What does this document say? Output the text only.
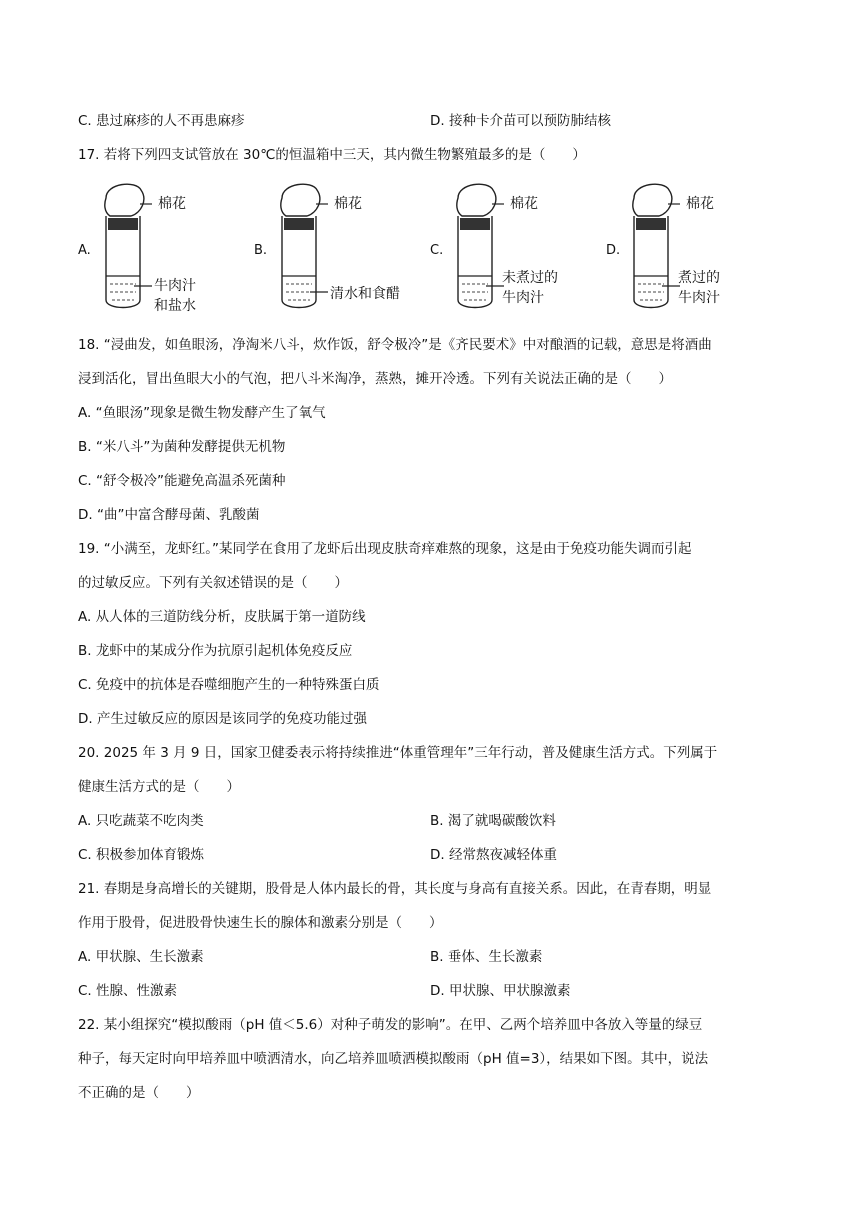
C. 患过麻疹的人不再患麻疹	D. 接种卡介苗可以预防肺结核
17. 若将下列四支试管放在 30℃的恒温箱中三天，其内微生物繁殖最多的是（　　）
A.
棉花
牛肉汁
和盐水
B.
棉花
清水和食醋
C.
棉花
未煮过的
牛肉汁
D.
棉花
煮过的
牛肉汁
18. “浸曲发，如鱼眼汤，净淘米八斗，炊作饭，舒令极冷”是《齐民要术》中对酿酒的记载，意思是将酒曲
浸到活化，冒出鱼眼大小的气泡，把八斗米淘净，蒸熟，摊开冷透。下列有关说法正确的是（　　）
A. “鱼眼汤”现象是微生物发酵产生了氧气
B. “米八斗”为菌种发酵提供无机物
C. “舒令极冷”能避免高温杀死菌种
D. “曲”中富含酵母菌、乳酸菌
19. “小满至，龙虾红。”某同学在食用了龙虾后出现皮肤奇痒难熬的现象，这是由于免疫功能失调而引起
的过敏反应。下列有关叙述错误的是（　　）
A. 从人体的三道防线分析，皮肤属于第一道防线
B. 龙虾中的某成分作为抗原引起机体免疫反应
C. 免疫中的抗体是吞噬细胞产生的一种特殊蛋白质
D. 产生过敏反应的原因是该同学的免疫功能过强
20. 2025 年 3 月 9 日，国家卫健委表示将持续推进“体重管理年”三年行动，普及健康生活方式。下列属于
健康生活方式的是（　　）
A. 只吃蔬菜不吃肉类	B. 渴了就喝碳酸饮料
C. 积极参加体育锻炼	D. 经常熬夜减轻体重
21. 春期是身高增长的关键期，股骨是人体内最长的骨，其长度与身高有直接关系。因此，在青春期，明显
作用于股骨，促进股骨快速生长的腺体和激素分别是（　　）
A. 甲状腺、生长激素	B. 垂体、生长激素
C. 性腺、性激素	D. 甲状腺、甲状腺激素
22. 某小组探究“模拟酸雨（pH 值＜5.6）对种子萌发的影响”。在甲、乙两个培养皿中各放入等量的绿豆
种子，每天定时向甲培养皿中喷洒清水，向乙培养皿喷洒模拟酸雨（pH 值=3），结果如下图。其中，说法
不正确的是（　　）
